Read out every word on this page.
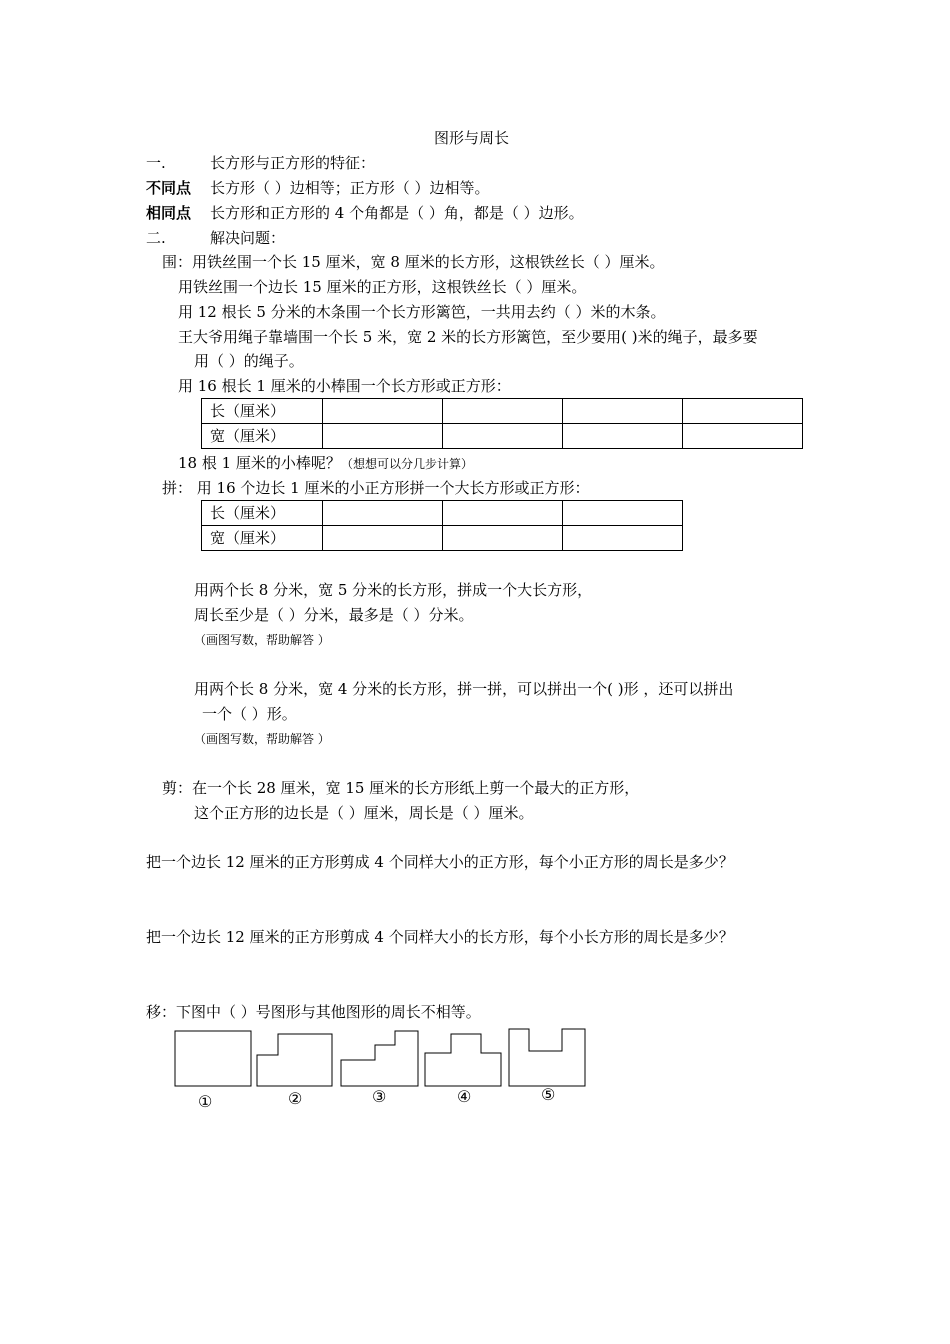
图形与周长
一.	长方形与正方形的特征：
不同点 长方形（ ）边相等；正方形（ ）边相等。
相同点 长方形和正方形的 4 个角都是（ ）角，都是（ ）边形。
二.	解决问题：
围：用铁丝围一个长 15 厘米，宽 8 厘米的长方形，这根铁丝长（ ）厘米。
用铁丝围一个边长 15 厘米的正方形，这根铁丝长（ ）厘米。
用 12 根长 5 分米的木条围一个长方形篱笆，一共用去约（ ）米的木条。
王大爷用绳子靠墙围一个长 5 米，宽 2 米的长方形篱笆，至少要用( )米的绳子，最多要
用（ ）的绳子。
用 16 根长 1 厘米的小棒围一个长方形或正方形：
长（厘米）				
宽（厘米）				
18 根 1 厘米的小棒呢？（想想可以分几步计算）
拼： 用 16 个边长 1 厘米的小正方形拼一个大长方形或正方形：
长（厘米）			
宽（厘米）			
用两个长 8 分米，宽 5 分米的长方形，拼成一个大长方形，
周长至少是（ ）分米，最多是（ ）分米。
（画图写数，帮助解答 ）
用两个长 8 分米，宽 4 分米的长方形，拼一拼，可以拼出一个( )形 ，还可以拼出
一个（ ）形。
（画图写数，帮助解答 ）
剪：在一个长 28 厘米，宽 15 厘米的长方形纸上剪一个最大的正方形，
这个正方形的边长是（ ）厘米，周长是（ ）厘米。
把一个边长 12 厘米的正方形剪成 4 个同样大小的正方形，每个小正方形的周长是多少？
把一个边长 12 厘米的正方形剪成 4 个同样大小的长方形，每个小长方形的周长是多少？
移：下图中（ ）号图形与其他图形的周长不相等。
①	②	③	④	⑤
